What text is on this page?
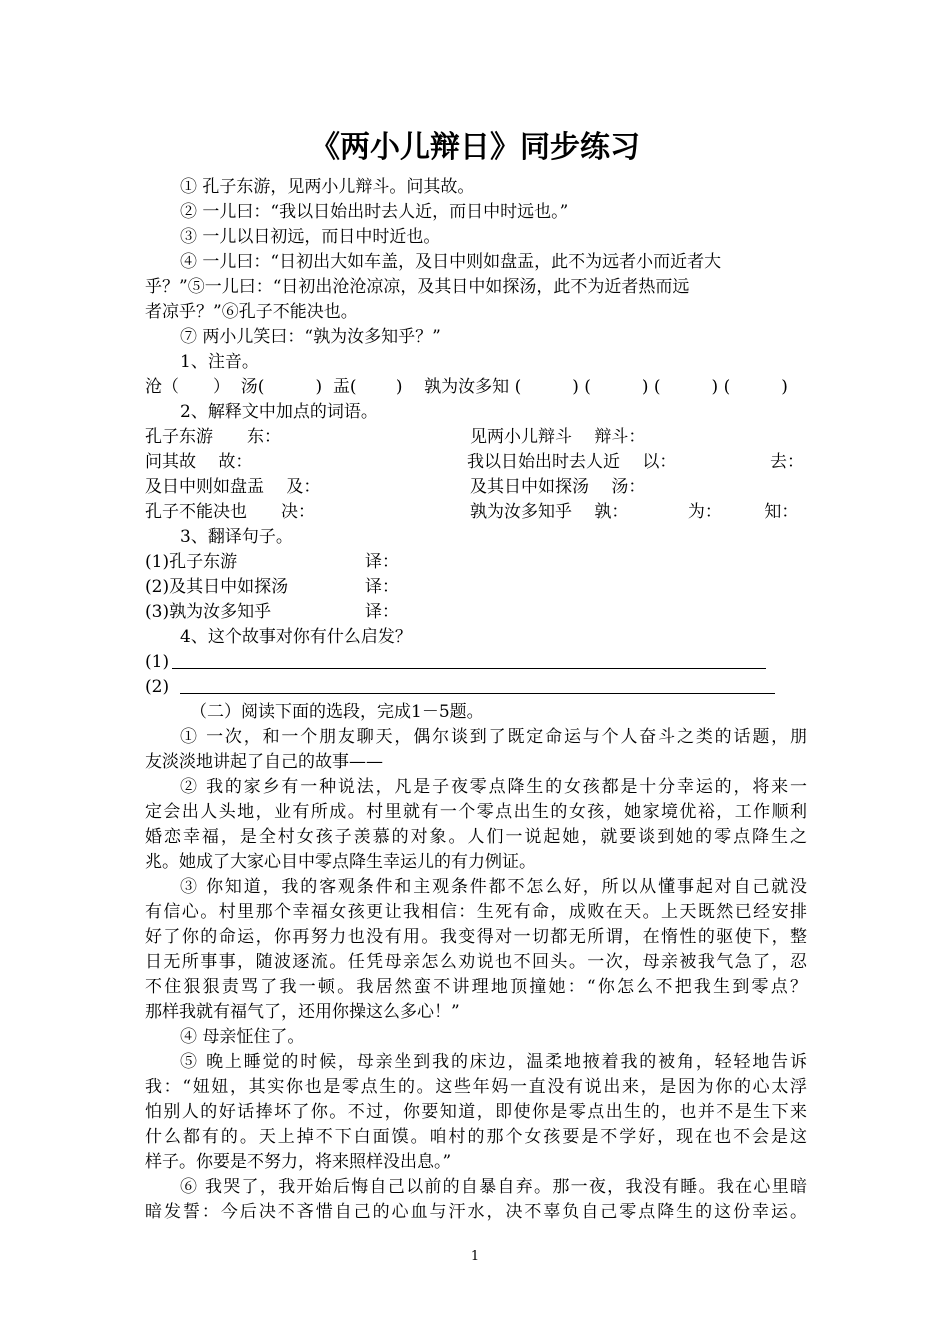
《两小儿辩日》同步练习
① 孔子东游，见两小儿辩斗。问其故。
② 一儿曰：“我以日始出时去人近，而日中时远也。”
③ 一儿以日初远，而日中时近也。
④ 一儿曰：“日初出大如车盖，及日中则如盘盂，此不为远者小而近者大
乎？”⑤一儿曰：“日初出沧沧凉凉，及其日中如探汤，此不为近者热而远
者凉乎？”⑥孔子不能决也。
⑦ 两小儿笑曰：“孰为汝多知乎？”
1、注音。
沧（　　）  汤(　　　)  盂(　　 )    孰为汝多知 (　　　) (　　　) (　　　) (　　　)
2、解释文中加点的词语。
孔子东游　　东：	见两小儿辩斗　 辩斗：
问其故　 故：	我以日始出时去人近　 以：	去：
及日中则如盘盂　 及：	及其日中如探汤　 汤：
孔子不能决也　　决：	孰为汝多知乎　 孰：　　　　为：　　　知：
3、翻译句子。
(1)孔子东游	译：
(2)及其日中如探汤	译：
(3)孰为汝多知乎	译：
4、这个故事对你有什么启发？
(1)
(2)
（二）阅读下面的选段，完成1－5题。
① 一次，和一个朋友聊天，偶尔谈到了既定命运与个人奋斗之类的话题，朋
友淡淡地讲起了自己的故事——
② 我的家乡有一种说法，凡是子夜零点降生的女孩都是十分幸运的，将来一
定会出人头地，业有所成。村里就有一个零点出生的女孩，她家境优裕，工作顺利
婚恋幸福，是全村女孩子羡慕的对象。人们一说起她，就要谈到她的零点降生之
兆。她成了大家心目中零点降生幸运儿的有力例证。
③ 你知道，我的客观条件和主观条件都不怎么好，所以从懂事起对自己就没
有信心。村里那个幸福女孩更让我相信：生死有命，成败在天。上天既然已经安排
好了你的命运，你再努力也没有用。我变得对一切都无所谓，在惰性的驱使下，整
日无所事事，随波逐流。任凭母亲怎么劝说也不回头。一次，母亲被我气急了，忍
不住狠狠责骂了我一顿。我居然蛮不讲理地顶撞她：“你怎么不把我生到零点？
那样我就有福气了，还用你操这么多心！”
④ 母亲怔住了。
⑤ 晚上睡觉的时候，母亲坐到我的床边，温柔地掖着我的被角，轻轻地告诉
我：“妞妞，其实你也是零点生的。这些年妈一直没有说出来，是因为你的心太浮
怕别人的好话捧坏了你。不过，你要知道，即使你是零点出生的，也并不是生下来
什么都有的。天上掉不下白面馍。咱村的那个女孩要是不学好，现在也不会是这
样子。你要是不努力，将来照样没出息。”
⑥ 我哭了，我开始后悔自己以前的自暴自弃。那一夜，我没有睡。我在心里暗
暗发誓：今后决不吝惜自己的心血与汗水，决不辜负自己零点降生的这份幸运。
1
